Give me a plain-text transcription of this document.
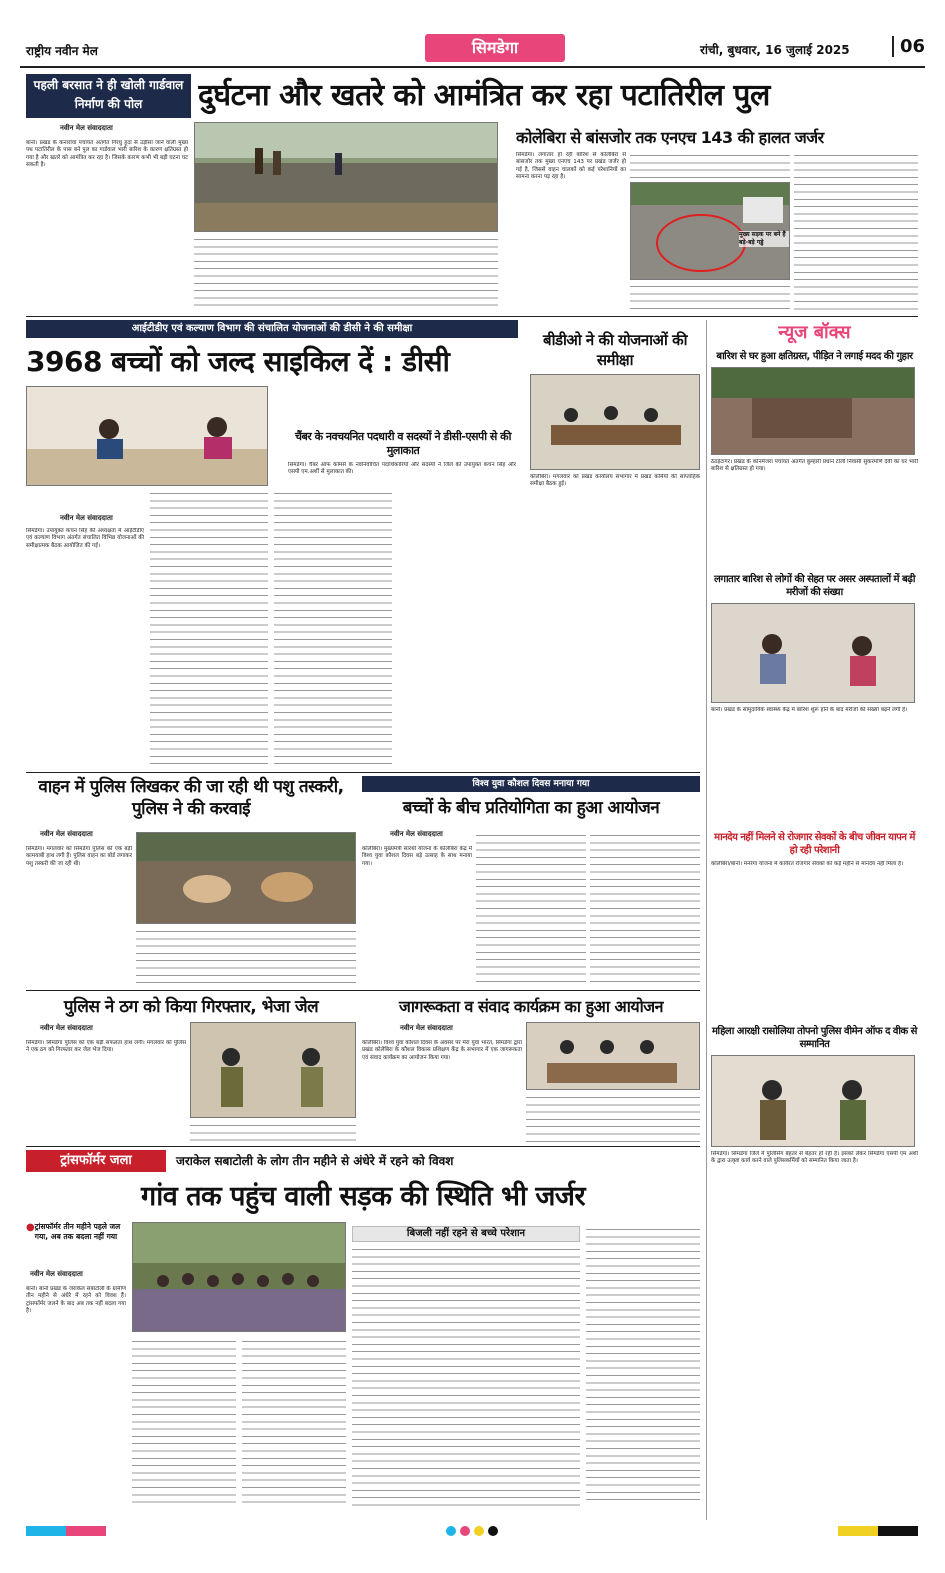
राष्ट्रीय नवीन मेल	सिमडेगा	रांची, बुधवार, 16 जुलाई 2025	06
पहली बरसात ने ही खोली गार्डवाल निर्माण की पोल	दुर्घटना और खतरे को आमंत्रित कर रहा पटातिरील पुल
नवीन मेल संवाददाता
बानो। प्रखंड के कनारोवां पंचायत अंतर्गत गिरधु हूदा से उड़ीसा जाने वाली मुख्य पथ पटातिरील के पास बने पुल का गार्डवाल भारी बारिश के कारण क्षतिग्रस्त हो गया है और खतरे को आमंत्रित कर रहा है। जिसके कारण कभी भी बड़ी घटना घट सकती है।
कोलेबिरा से बांसजोर तक एनएच 143 की हालत जर्जर
सिमडेगा। लगातार हो रही बारिश से कोलेबिरा से बांसजोर तक मुख्य एनएच 143 पर प्रखंड जर्जर हो गई है, जिससे वाहन चालकों को कई परेशानियों का सामना करना पड़ रहा है।
मुख्य सड़क पर बने हैं बड़े-बड़े गड्ढे
आईटीडीए एवं कल्याण विभाग की संचालित योजनाओं की डीसी ने की समीक्षा
3968 बच्चों को जल्द साइकिल दें : डीसी
नवीन मेल संवाददाता
सिमडेगा। उपायुक्त कंचन सिंह की अध्यक्षता में आईटीडीए एवं कल्याण विभाग अंतर्गत संचालित विभिन्न योजनाओं की समीक्षात्मक बैठक आयोजित की गई।
चैंबर के नवचयनित पदधारी व सदस्यों ने डीसी-एसपी से की मुलाकात
सिमडेगा। चैंबर ऑफ कॉमर्स के नवनिर्वाचित पदाधिकारियों और सदस्यों ने जिले की उपायुक्त कंचन सिंह और एसपी एम.अर्शी से मुलाकात की।
बीडीओ ने की योजनाओं की समीक्षा
कोलेबिरा। मंगलवार को प्रखंड कार्यालय सभागार में प्रखंड कर्मियों की साप्ताहिक समीक्षा बैठक हुई।
न्यूज बॉक्स
बारिश से घर हुआ क्षतिग्रस्त, पीड़ित ने लगाई मदद की गुहार
ठेठईटांगर। प्रखंड के कोनमेंजरा पंचायत अंतर्गत कुम्हारी प्रधान टोली निवासी सुकरमणि देवी का घर भारी बारिश से क्षतिग्रस्त हो गया।
लगातार बारिश से लोगों की सेहत पर असर अस्पतालों में बढ़ी मरीजों की संख्या
बानो। प्रखंड के सामुदायिक स्वास्थ्य केंद्र में बारिश शुरू होने के बाद मरीजों की संख्या बढ़ने लगी है।
मानदेय नहीं मिलने से रोजगार सेवकों के बीच जीवन यापन में हो रही परेशानी
कोलेबिरा/बानो। मनरेगा योजना में कार्यरत रोजगार सेवकों को कई महीने से मानदेय नहीं मिला है।
महिला आरक्षी रासोलिया तोपनो पुलिस वीमेन ऑफ द वीक से सम्मानित
सिमडेगा। सिमडेगा जिले में पुलिसिंग बेहतर से बेहतर हो रही है। इसको लेकर सिमडेगा एसपी एम अर्शी के द्वारा उत्कृष्ट कार्य करने वाले पुलिसकर्मियों को सम्मानित किया जाता है।
वाहन में पुलिस लिखकर की जा रही थी पशु तस्करी, पुलिस ने की करवाई
नवीन मेल संवाददाता
सिमडेगा। मंगलवार को सिमडेगा पुलिस को एक बड़ी कामयाबी हाथ लगी है। पुलिस वाहन का बोर्ड लगाकर पशु तस्करी की जा रही थी।
विश्व युवा कौशल दिवस मनाया गया
बच्चों के बीच प्रतियोगिता का हुआ आयोजन
नवीन मेल संवाददाता
कोलेबिरा। मुख्यमंत्री सारथी योजना के कोलेबिरा केंद्र में विश्व युवा कौशल दिवस बड़े उत्साह के साथ मनाया गया।
पुलिस ने ठग को किया गिरफ्तार, भेजा जेल
नवीन मेल संवाददाता
सिमडेगा। सिमडेगा पुलिस को एक बड़ी सफलता हाथ लगी। मंगलवार को पुलिस ने एक ठग को गिरफ्तार कर जेल भेज दिया।
जागरूकता व संवाद कार्यक्रम का हुआ आयोजन
नवीन मेल संवाददाता
कोलेबिरा। विश्व युवा कौशल दिवस के अवसर पर मेरा युवा भारत, सिमडेगा द्वारा प्रखंड कोलेबिरा के कौशल विकास प्रशिक्षण केंद्र के सभागार में एक जागरूकता एवं संवाद कार्यक्रम का आयोजन किया गया।
ट्रांसफॉर्मर जला	जराकेल सबाटोली के लोग तीन महीने से अंधेरे में रहने को विवश
गांव तक पहुंच वाली सड़क की स्थिति भी जर्जर
● ट्रांसफॉर्मर तीन महीने पहले जल गया, अब तक बदला नहीं गया
नवीन मेल संवाददाता
बानो। बानो प्रखंड के जराकेल सबाटोली के ग्रामीण तीन महीने से अंधेरे में रहने को विवश हैं। ट्रांसफॉर्मर जलने के बाद अब तक नहीं बदला गया है।
बिजली नहीं रहने से बच्चे परेशान
